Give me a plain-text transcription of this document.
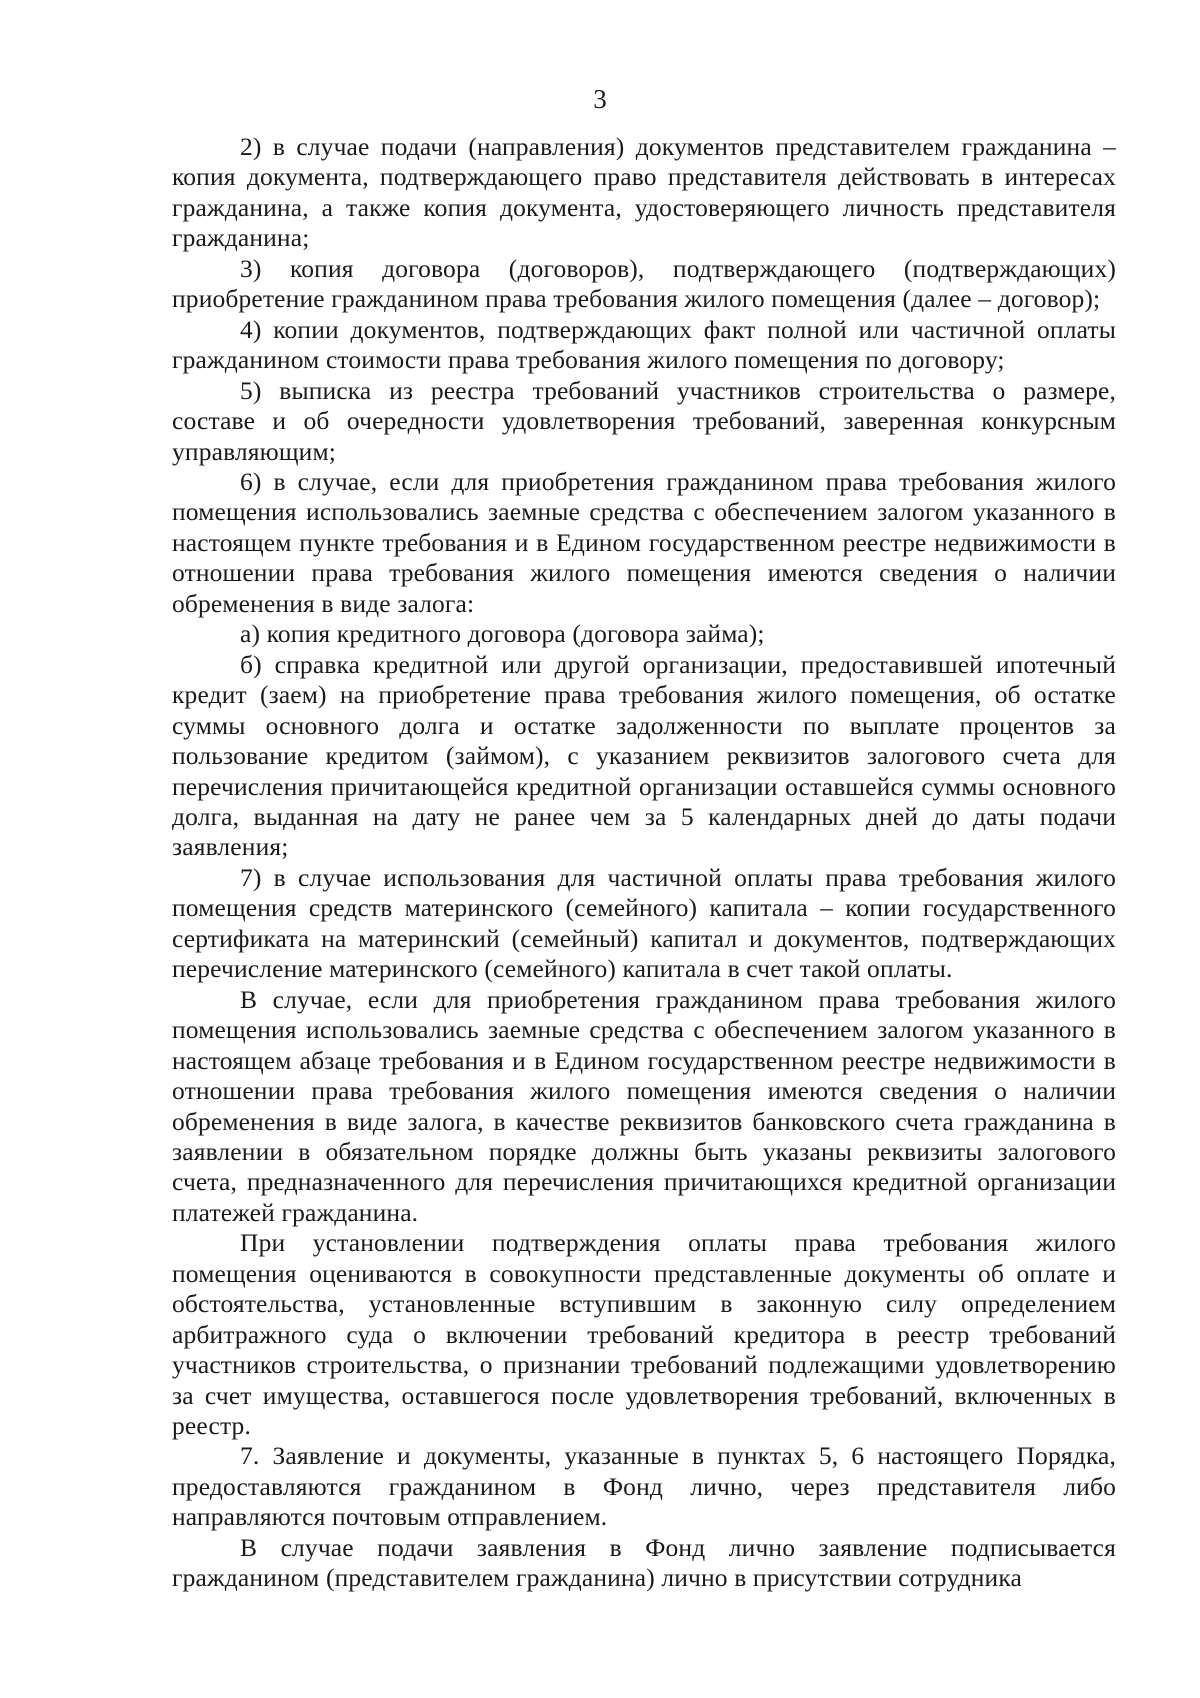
3

2) в случае подачи (направления) документов представителем гражданина – копия документа, подтверждающего право представителя действовать в интересах гражданина, а также копия документа, удостоверяющего личность представителя гражданина;

3) копия договора (договоров), подтверждающего (подтверждающих) приобретение гражданином права требования жилого помещения (далее – договор);

4) копии документов, подтверждающих факт полной или частичной оплаты гражданином стоимости права требования жилого помещения по договору;

5) выписка из реестра требований участников строительства о размере, составе и об очередности удовлетворения требований, заверенная конкурсным управляющим;

6) в случае, если для приобретения гражданином права требования жилого помещения использовались заемные средства с обеспечением залогом указанного в настоящем пункте требования и в Едином государственном реестре недвижимости в отношении права требования жилого помещения имеются сведения о наличии обременения в виде залога:

а) копия кредитного договора (договора займа);

б) справка кредитной или другой организации, предоставившей ипотечный кредит (заем) на приобретение права требования жилого помещения, об остатке суммы основного долга и остатке задолженности по выплате процентов за пользование кредитом (займом), с указанием реквизитов залогового счета для перечисления причитающейся кредитной организации оставшейся суммы основного долга, выданная на дату не ранее чем за 5 календарных дней до даты подачи заявления;

7) в случае использования для частичной оплаты права требования жилого помещения средств материнского (семейного) капитала – копии государственного сертификата на материнский (семейный) капитал и документов, подтверждающих перечисление материнского (семейного) капитала в счет такой оплаты.

В случае, если для приобретения гражданином права требования жилого помещения использовались заемные средства с обеспечением залогом указанного в настоящем абзаце требования и в Едином государственном реестре недвижимости в отношении права требования жилого помещения имеются сведения о наличии обременения в виде залога, в качестве реквизитов банковского счета гражданина в заявлении в обязательном порядке должны быть указаны реквизиты залогового счета, предназначенного для перечисления причитающихся кредитной организации платежей гражданина.

При установлении подтверждения оплаты права требования жилого помещения оцениваются в совокупности представленные документы об оплате и обстоятельства, установленные вступившим в законную силу определением арбитражного суда о включении требований кредитора в реестр требований участников строительства, о признании требований подлежащими удовлетворению за счет имущества, оставшегося после удовлетворения требований, включенных в реестр.

7. Заявление и документы, указанные в пунктах 5, 6 настоящего Порядка, предоставляются гражданином в Фонд лично, через представителя либо направляются почтовым отправлением.

В случае подачи заявления в Фонд лично заявление подписывается гражданином (представителем гражданина) лично в присутствии сотрудника
